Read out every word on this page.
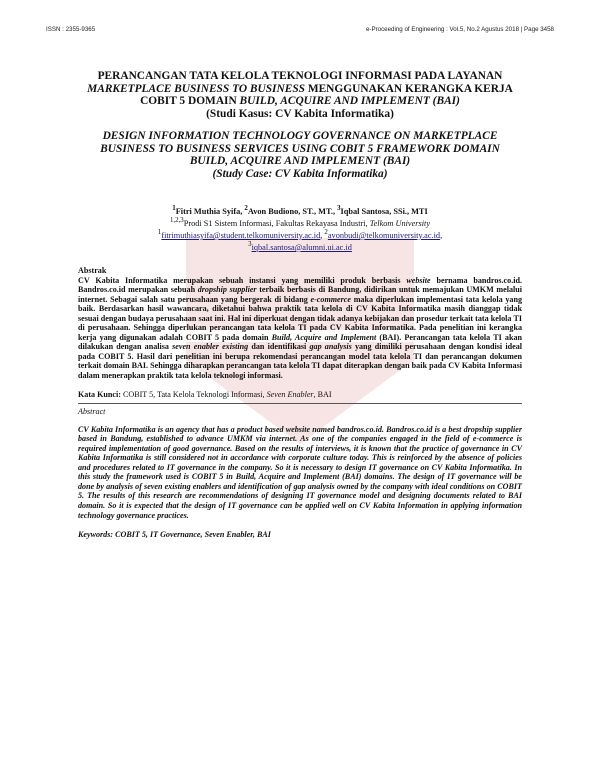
ISSN : 2355-9365	e-Proceeding of Engineering : Vol.5, No.2 Agustus 2018 | Page 3458

PERANCANGAN TATA KELOLA TEKNOLOGI INFORMASI PADA LAYANAN
MARKETPLACE BUSINESS TO BUSINESS MENGGUNAKAN KERANGKA KERJA
COBIT 5 DOMAIN BUILD, ACQUIRE AND IMPLEMENT (BAI)
(Studi Kasus: CV Kabita Informatika)

DESIGN INFORMATION TECHNOLOGY GOVERNANCE ON MARKETPLACE
BUSINESS TO BUSINESS SERVICES USING COBIT 5 FRAMEWORK DOMAIN
BUILD, ACQUIRE AND IMPLEMENT (BAI)
(Study Case: CV Kabita Informatika)

$^1$Fitri Muthia Syifa, $^2$Avon Budiono, ST., MT., $^3$Iqbal Santosa, SSi., MTI
$^{1,2,3}$Prodi S1 Sistem Informasi, Fakultas Rekayasa Industri, Telkom University
$^1$fitrimuthiasyifa@student.telkomuniversity.ac.id, $^2$avonbudi@telkomuniversity.ac.id,
$^3$iqbal.santosa@alumni.ui.ac.id

Abstrak

CV Kabita Informatika merupakan sebuah instansi yang memiliki produk berbasis website bernama bandros.co.id. Bandros.co.id merupakan sebuah dropship supplier terbaik berbasis di Bandung, didirikan untuk memajukan UMKM melalui internet. Sebagai salah satu perusahaan yang bergerak di bidang e-commerce maka diperlukan implementasi tata kelola yang baik. Berdasarkan hasil wawancara, diketahui bahwa praktik tata kelola di CV Kabita Informatika masih dianggap tidak sesuai dengan budaya perusahaan saat ini. Hal ini diperkuat dengan tidak adanya kebijakan dan prosedur terkait tata kelola TI di perusahaan. Sehingga diperlukan perancangan tata kelola TI pada CV Kabita Informatika. Pada penelitian ini kerangka kerja yang digunakan adalah COBIT 5 pada domain Build, Acquire and Implement (BAI). Perancangan tata kelola TI akan dilakukan dengan analisa seven enabler existing dan identifikasi gap analysis yang dimiliki perusahaan dengan kondisi ideal pada COBIT 5. Hasil dari penelitian ini berupa rekomendasi perancangan model tata kelola TI dan perancangan dokumen terkait domain BAI. Sehingga diharapkan perancangan tata kelola TI dapat diterapkan dengan baik pada CV Kabita Informasi dalam menerapkan praktik tata kelola teknologi informasi.

Kata Kunci: COBIT 5, Tata Kelola Teknologi Informasi, Seven Enabler, BAI

Abstract

CV Kabita Informatika is an agency that has a product based website named bandros.co.id. Bandros.co.id is a best dropship supplier based in Bandung, established to advance UMKM via internet. As one of the companies engaged in the field of e-commerce is required implementation of good governance. Based on the results of interviews, it is known that the practice of governance in CV Kabita Informatika is still considered not in accordance with corporate culture today. This is reinforced by the absence of policies and procedures related to IT governance in the company. So it is necessary to design IT governance on CV Kabita Informatika. In this study the framework used is COBIT 5 in Build, Acquire and Implement (BAI) domains. The design of IT governance will be done by analysis of seven existing enablers and identification of gap analysis owned by the company with ideal conditions on COBIT 5. The results of this research are recommendations of designing IT governance model and designing documents related to BAI domain. So it is expected that the design of IT governance can be applied well on CV Kabita Information in applying information technology governance practices.

Keywords: COBIT 5, IT Governance, Seven Enabler, BAI
